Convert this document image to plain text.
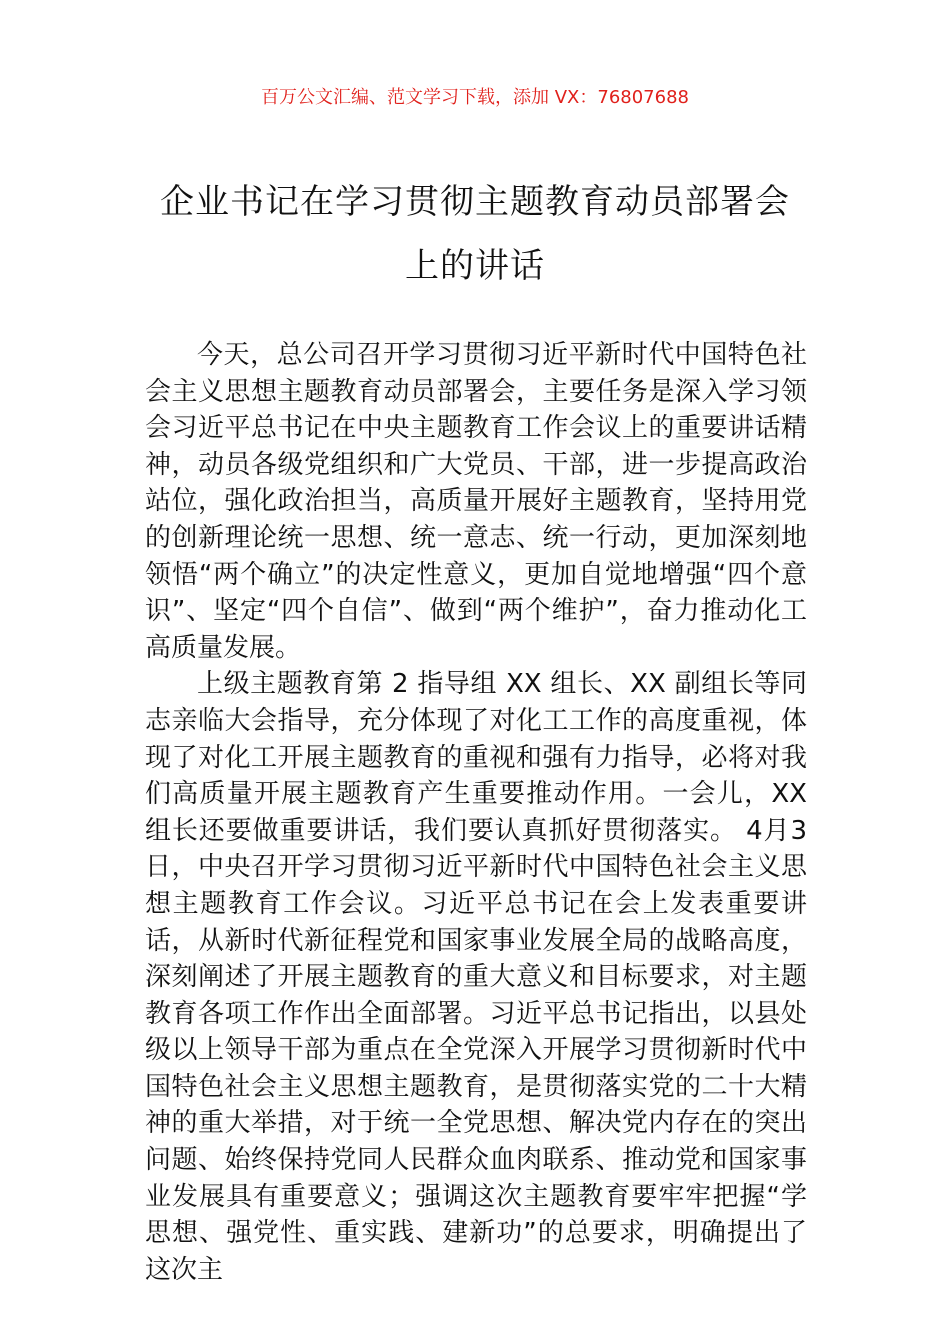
百万公文汇编、范文学习下载，添加 VX：76807688
企业书记在学习贯彻主题教育动员部署会上的讲话

今天，总公司召开学习贯彻习近平新时代中国特色社会主义思想主题教育动员部署会，主要任务是深入学习领会习近平总书记在中央主题教育工作会议上的重要讲话精神，动员各级党组织和广大党员、干部，进一步提高政治站位，强化政治担当，高质量开展好主题教育，坚持用党的创新理论统一思想、统一意志、统一行动，更加深刻地领悟“两个确立”的决定性意义，更加自觉地增强“四个意识”、坚定“四个自信”、做到“两个维护”，奋力推动化工高质量发展。

上级主题教育第 2 指导组 XX 组长、XX 副组长等同志亲临大会指导，充分体现了对化工工作的高度重视，体现了对化工开展主题教育的重视和强有力指导，必将对我们高质量开展主题教育产生重要推动作用。一会儿，XX 组长还要做重要讲话，我们要认真抓好贯彻落实。 4月3日，中央召开学习贯彻习近平新时代中国特色社会主义思想主题教育工作会议。习近平总书记在会上发表重要讲话，从新时代新征程党和国家事业发展全局的战略高度，深刻阐述了开展主题教育的重大意义和目标要求，对主题教育各项工作作出全面部署。习近平总书记指出，以县处级以上领导干部为重点在全党深入开展学习贯彻新时代中国特色社会主义思想主题教育，是贯彻落实党的二十大精神的重大举措，对于统一全党思想、解决党内存在的突出问题、始终保持党同人民群众血肉联系、推动党和国家事业发展具有重要意义；强调这次主题教育要牢牢把握“学思想、强党性、重实践、建新功”的总要求，明确提出了这次主
